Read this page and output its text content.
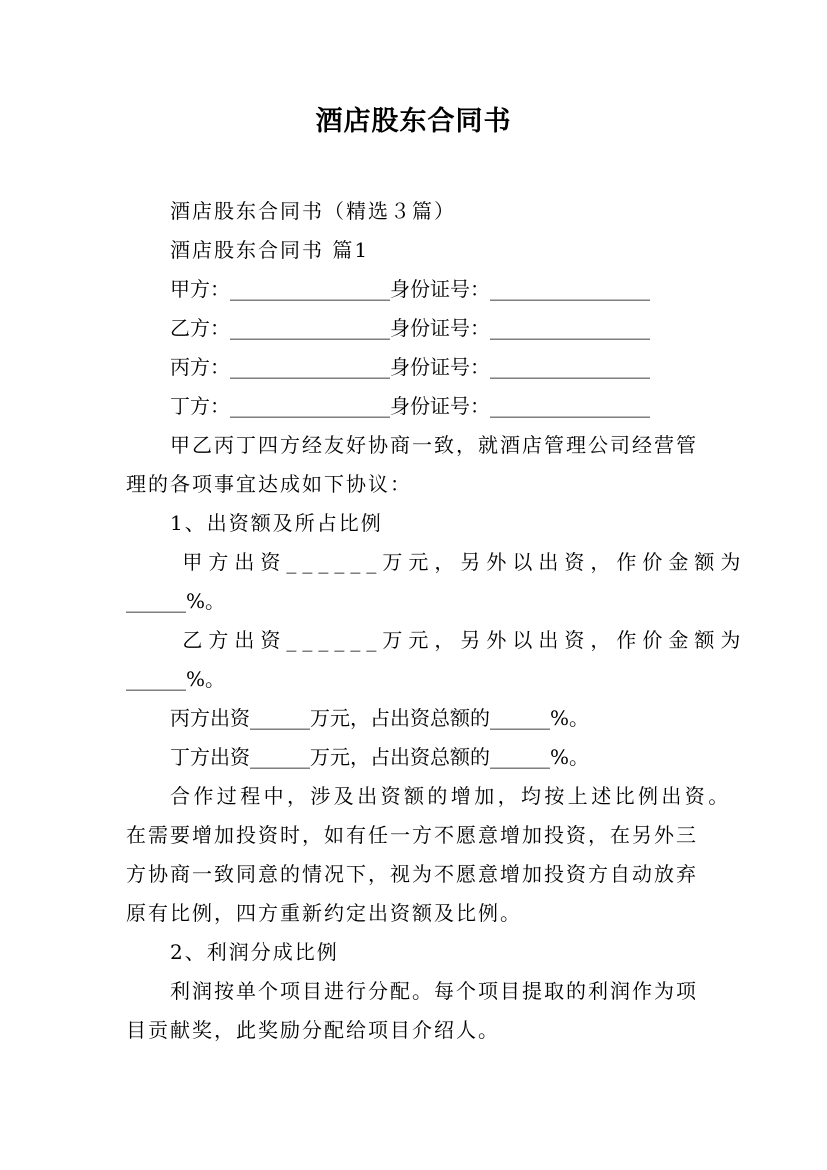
酒店股东合同书
酒店股东合同书（精选３篇）
酒店股东合同书 篇1
甲方：________________身份证号：________________
乙方：________________身份证号：________________
丙方：________________身份证号：________________
丁方：________________身份证号：________________
甲乙丙丁四方经友好协商一致，就酒店管理公司经营管
理的各项事宜达成如下协议：
1、出资额及所占比例
甲方出资______万元，另外以出资，作价金额为
______%。
乙方出资______万元，另外以出资，作价金额为
______%。
丙方出资______万元，占出资总额的______%。
丁方出资______万元，占出资总额的______%。
合作过程中，涉及出资额的增加，均按上述比例出资。
在需要增加投资时，如有任一方不愿意增加投资，在另外三
方协商一致同意的情况下，视为不愿意增加投资方自动放弃
原有比例，四方重新约定出资额及比例。
2、利润分成比例
利润按单个项目进行分配。每个项目提取的利润作为项
目贡献奖，此奖励分配给项目介绍人。
